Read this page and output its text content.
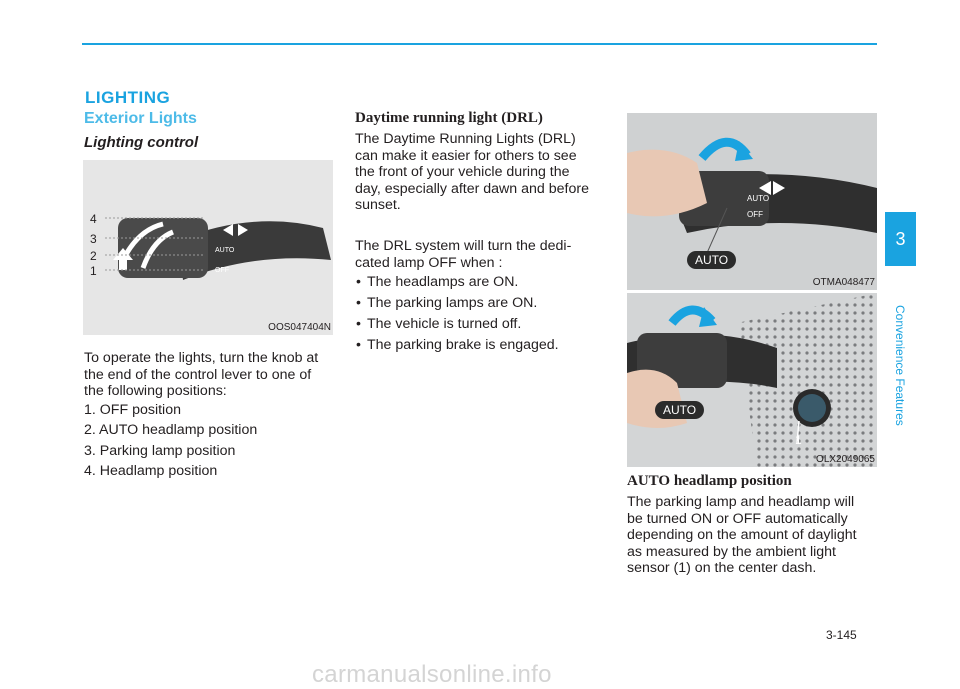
LIGHTING
Exterior Lights
Lighting control
AUTO
OFF
4
3
2
1
OOS047404N
To operate the lights, turn the knob at
the end of the control lever to one of
the following positions:
1. OFF position
2. AUTO headlamp position
3. Parking lamp position
4. Headlamp position
Daytime running light (DRL)
The Daytime Running Lights (DRL)
can make it easier for others to see
the front of your vehicle during the
day, especially after dawn and before
sunset.
The DRL system will turn the dedi-
cated lamp OFF when :
• The headlamps are ON.
• The parking lamps are ON.
• The vehicle is turned off.
• The parking brake is engaged.
AUTO
OFF
AUTO
OTMA048477
AUTO
1
OLX2049065
AUTO headlamp position
The parking lamp and headlamp will
be turned ON or OFF automatically
depending on the amount of daylight
as measured by the ambient light
sensor (1) on the center dash.
3
Convenience Features
3-145
carmanualsonline.info
